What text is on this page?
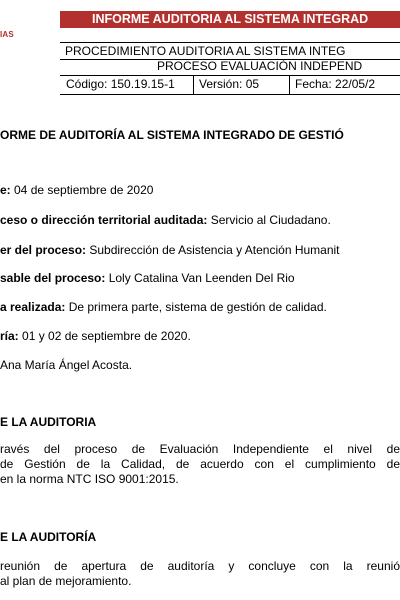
IAS
INFORME AUDITORIA AL SISTEMA INTEGRAD
PROCEDIMIENTO AUDITORIA AL SISTEMA INTEG
PROCESO EVALUACIÒN INDEPEND
Código: 150.19.15-1	Versión: 05	Fecha: 22/05/2
ORME DE AUDITORÍA AL SISTEMA INTEGRADO DE GESTIÓ
e: 04 de septiembre de 2020
ceso o dirección territorial auditada: Servicio al Ciudadano.
er del proceso: Subdirección de Asistencia y Atención Humanit
sable del proceso: Loly Catalina Van Leenden Del Rio
a realizada: De primera parte, sistema de gestión de calidad.
ría: 01 y 02 de septiembre de 2020.
Ana María Ángel Acosta.
E LA AUDITORIA
ravés del proceso de Evaluación Independiente el nivel de
de Gestión de la Calidad, de acuerdo con el cumplimiento de
en la norma NTC ISO 9001:2015.
E LA AUDITORÍA
reunión de apertura de auditoría y concluye con la reunió
al plan de mejoramiento.
